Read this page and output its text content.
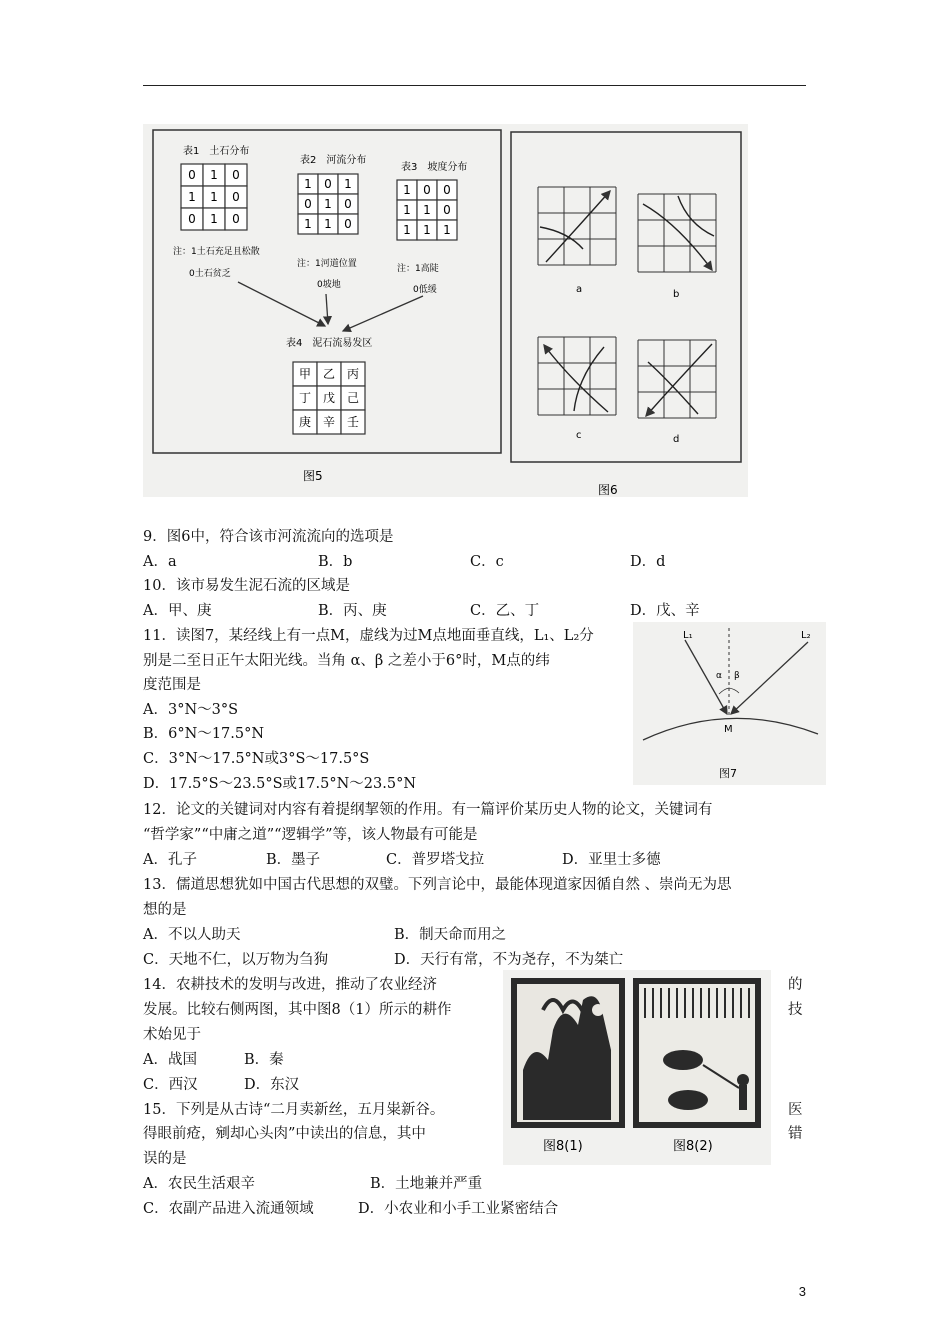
表1　土石分布
表2　河流分布
表3　坡度分布
0 1 0
1 1 0
0 1 0
1 0 1
0 1 0
1 1 0
1 0 0
1 1 0
1 1 1
注：1土石充足且松散
0土石贫乏
注：1河道位置
0坡地
注：1高陡
0低缓
表4　泥石流易发区
甲 乙 丙
丁 戊 己
庚 辛 壬
图5
a	b
c	d
图6
9．图6中，符合该市河流流向的选项是
A．a	B．b	C．c	D．d
10．该市易发生泥石流的区域是
A．甲、庚	B．丙、庚	C．乙、丁	D．戊、辛
11．读图7，某经线上有一点M，虚线为过M点地面垂直线，L₁、L₂分
别是二至日正午太阳光线。当角 α、β 之差小于6°时，M点的纬
度范围是
A．3°N～3°S
B．6°N～17.5°N
C．3°N～17.5°N或3°S～17.5°S
D．17.5°S～23.5°S或17.5°N～23.5°N
L₁	L₂
α β
M
图7
12．论文的关键词对内容有着提纲挈领的作用。有一篇评价某历史人物的论文，关键词有
“哲学家”“中庸之道”“逻辑学”等，该人物最有可能是
A．孔子	B．墨子	C．普罗塔戈拉	D．亚里士多德
13．儒道思想犹如中国古代思想的双璧。下列言论中，最能体现道家因循自然 、崇尚无为思
想的是
A．不以人助天	B．制天命而用之
C．天地不仁，以万物为刍狗	D．天行有常，不为尧存，不为桀亡
14．农耕技术的发明与改进，推动了农业经济	的
发展。比较右侧两图，其中图8（1）所示的耕作	技
术始见于
A．战国	B．秦
C．西汉	D．东汉
图8(1)	图8(2)
15．下列是从古诗“二月卖新丝，五月粜新谷。	医
得眼前疮，剜却心头肉”中读出的信息，其中	错
误的是
A．农民生活艰辛	B．土地兼并严重
C．农副产品进入流通领域	D．小农业和小手工业紧密结合
3
